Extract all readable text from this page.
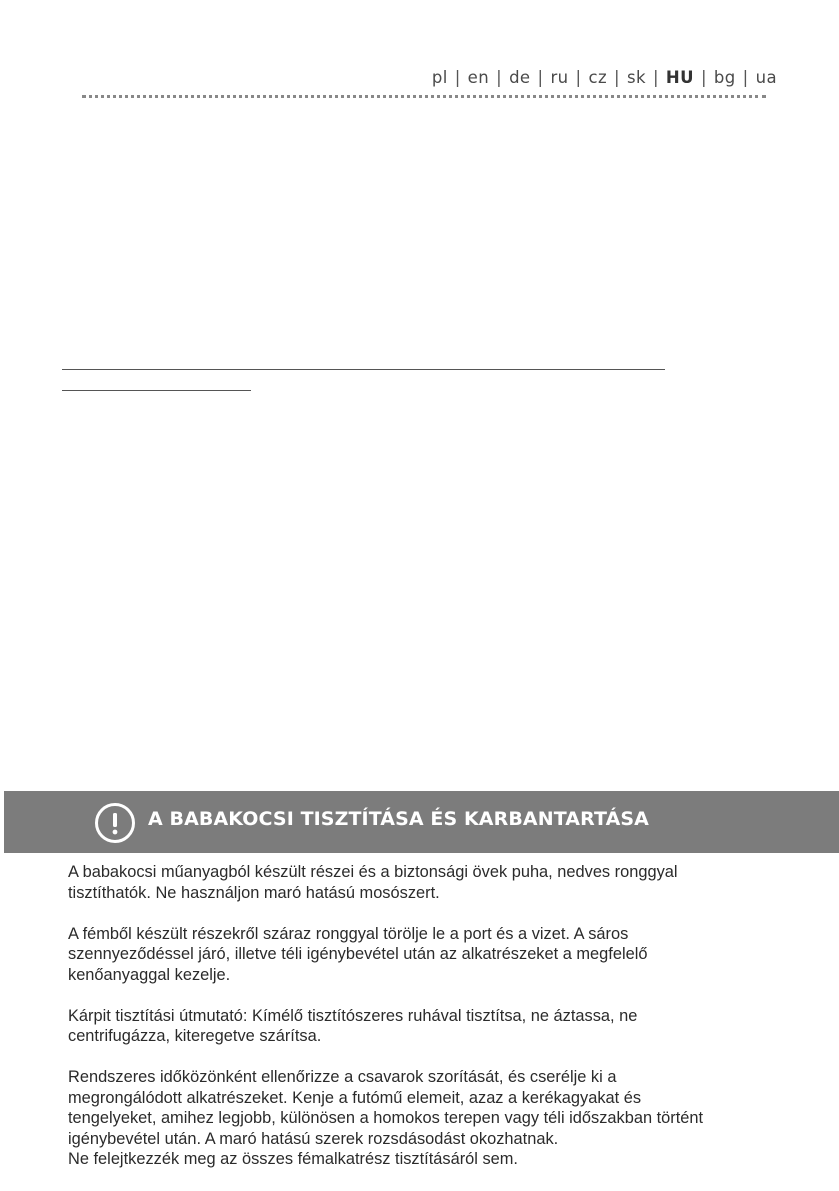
pl | en | de | ru | cz | sk | HU | bg | ua
A BABAKOCSI TISZTÍTÁSA ÉS KARBANTARTÁSA

A babakocsi műanyagból készült részei és a biztonsági övek puha, nedves ronggyal
tisztíthatók. Ne használjon maró hatású mosószert.

A fémből készült részekről száraz ronggyal törölje le a port és a vizet. A sáros
szennyeződéssel járó, illetve téli igénybevétel után az alkatrészeket a megfelelő
kenőanyaggal kezelje.

Kárpit tisztítási útmutató: Kímélő tisztítószeres ruhával tisztítsa, ne áztassa, ne
centrifugázza, kiteregetve szárítsa.

Rendszeres időközönként ellenőrizze a csavarok szorítását, és cserélje ki a
megrongálódott alkatrészeket. Kenje a futómű elemeit, azaz a kerékagyakat és
tengelyeket, amihez legjobb, különösen a homokos terepen vagy téli időszakban történt
igénybevétel után. A maró hatású szerek rozsdásodást okozhatnak.
Ne felejtkezzék meg az összes fémalkatrész tisztításáról sem.
